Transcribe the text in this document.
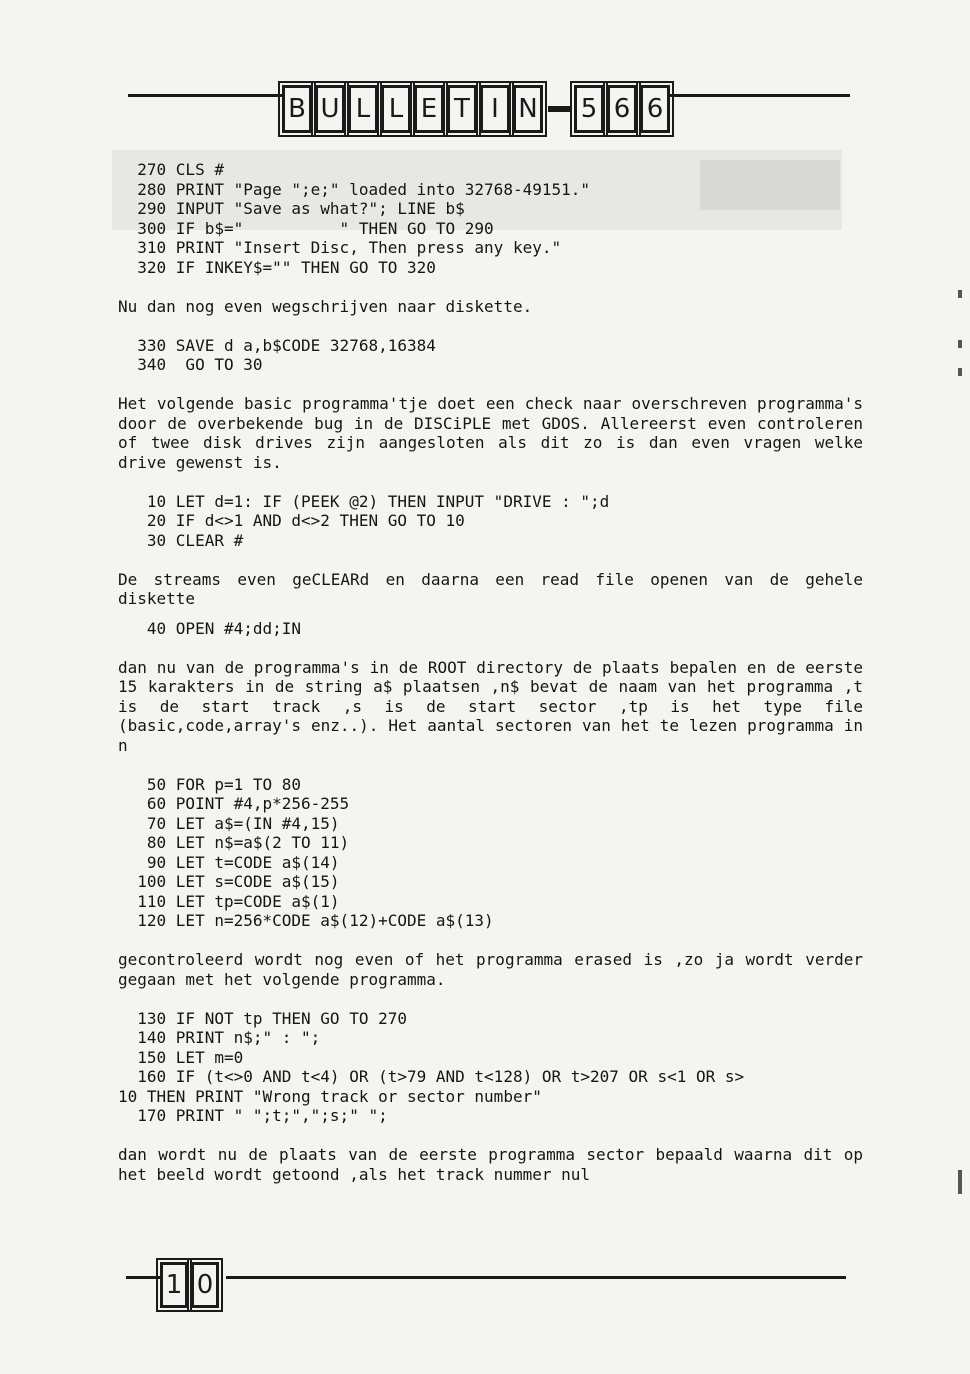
B U L L E T I N 5 6 6
270 CLS #
280 PRINT "Page ";e;" loaded into 32768-49151."
290 INPUT "Save as what?"; LINE b$
300 IF b$="          " THEN GO TO 290
310 PRINT "Insert Disc, Then press any key."
320 IF INKEY$="" THEN GO TO 320

Nu dan nog even wegschrijven naar diskette.

330 SAVE d a,b$CODE 32768,16384
340  GO TO 30

Het volgende basic programma'tje doet een check naar overschreven programma's door de overbekende bug in de DISCiPLE met GDOS. Allereerst even controleren of twee disk drives zijn aangesloten als dit zo is dan even vragen welke drive gewenst is.

10 LET d=1: IF (PEEK @2) THEN INPUT "DRIVE : ";d
20 IF d<>1 AND d<>2 THEN GO TO 10
30 CLEAR #

De streams even geCLEARd en daarna een read file openen van de gehele diskette

40 OPEN #4;dd;IN

dan nu van de programma's in de ROOT directory de plaats bepalen en de eerste 15 karakters in de string a$ plaatsen ,n$ bevat de naam van het programma ,t is de start track ,s is de start sector ,tp is het type file (basic,code,array's enz..). Het aantal sectoren van het te lezen programma in n

50 FOR p=1 TO 80
60 POINT #4,p*256-255
70 LET a$=(IN #4,15)
80 LET n$=a$(2 TO 11)
90 LET t=CODE a$(14)
100 LET s=CODE a$(15)
110 LET tp=CODE a$(1)
120 LET n=256*CODE a$(12)+CODE a$(13)

gecontroleerd wordt nog even of het programma erased is ,zo ja wordt verder gegaan met het volgende programma.

130 IF NOT tp THEN GO TO 270
140 PRINT n$;" : ";
150 LET m=0
160 IF (t<>0 AND t<4) OR (t>79 AND t<128) OR t>207 OR s<1 OR s>
10 THEN PRINT "Wrong track or sector number"
170 PRINT " ";t;",";s;" ";

dan wordt nu de plaats van de eerste programma sector bepaald waarna dit op het beeld wordt getoond ,als het track nummer nul

1 0
